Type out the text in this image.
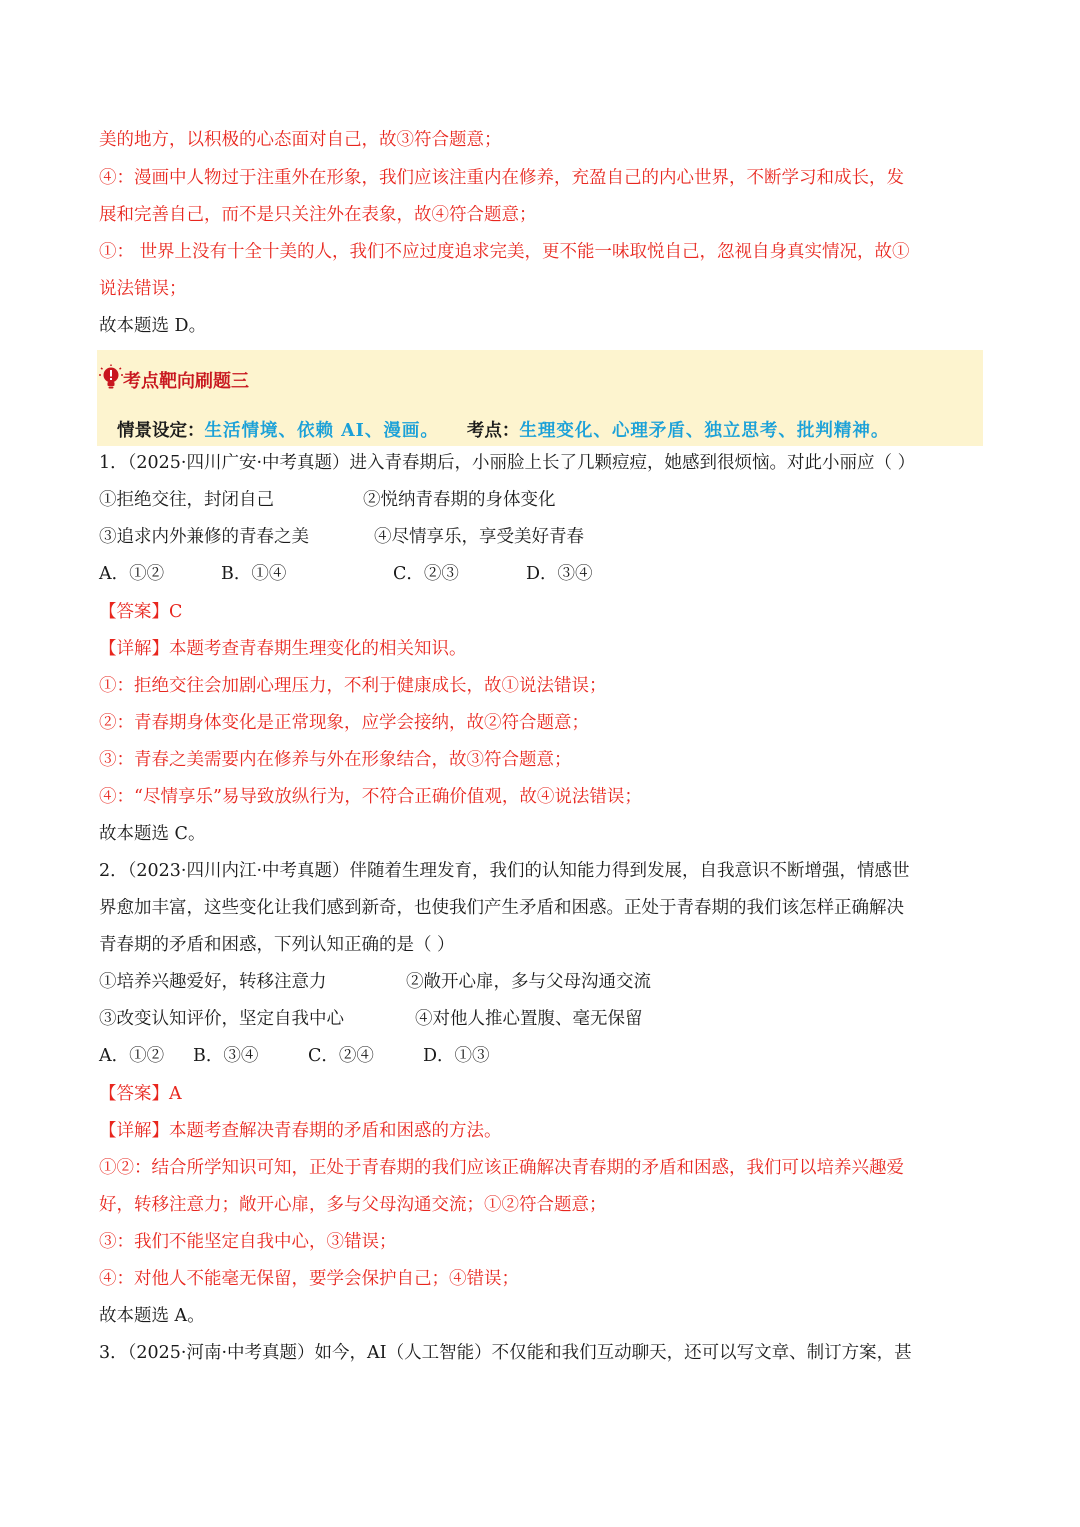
美的地方，以积极的心态面对自己，故③符合题意；
④：漫画中人物过于注重外在形象，我们应该注重内在修养，充盈自己的内心世界，不断学习和成长，发
展和完善自己，而不是只关注外在表象，故④符合题意；
①： 世界上没有十全十美的人，我们不应过度追求完美，更不能一味取悦自己，忽视自身真实情况，故①
说法错误；
故本题选 D。
考点靶向刷题三
情景设定：生活情境、依赖 AI、漫画。 考点：生理变化、心理矛盾、独立思考、批判精神。
1．（2025·四川广安·中考真题）进入青春期后，小丽脸上长了几颗痘痘，她感到很烦恼。对此小丽应（ ）
①拒绝交往，封闭自己	②悦纳青春期的身体变化
③追求内外兼修的青春之美	④尽情享乐，享受美好青春
A．①②	B．①④	C．②③	D．③④
【答案】C
【详解】本题考查青春期生理变化的相关知识。
①：拒绝交往会加剧心理压力，不利于健康成长，故①说法错误；
②：青春期身体变化是正常现象，应学会接纳，故②符合题意；
③：青春之美需要内在修养与外在形象结合，故③符合题意；
④：“尽情享乐”易导致放纵行为，不符合正确价值观，故④说法错误；
故本题选 C。
2．（2023·四川内江·中考真题）伴随着生理发育，我们的认知能力得到发展，自我意识不断增强，情感世
界愈加丰富，这些变化让我们感到新奇，也使我们产生矛盾和困惑。正处于青春期的我们该怎样正确解决
青春期的矛盾和困惑，下列认知正确的是（ ）
①培养兴趣爱好，转移注意力	②敞开心扉，多与父母沟通交流
③改变认知评价，坚定自我中心	④对他人推心置腹、毫无保留
A．①② B．③④	C．②④	D．①③
【答案】A
【详解】本题考查解决青春期的矛盾和困惑的方法。
①②：结合所学知识可知，正处于青春期的我们应该正确解决青春期的矛盾和困惑，我们可以培养兴趣爱
好，转移注意力；敞开心扉，多与父母沟通交流；①②符合题意；
③：我们不能坚定自我中心，③错误；
④：对他人不能毫无保留，要学会保护自己；④错误；
故本题选 A。
3．（2025·河南·中考真题）如今，AI（人工智能）不仅能和我们互动聊天，还可以写文章、制订方案，甚
